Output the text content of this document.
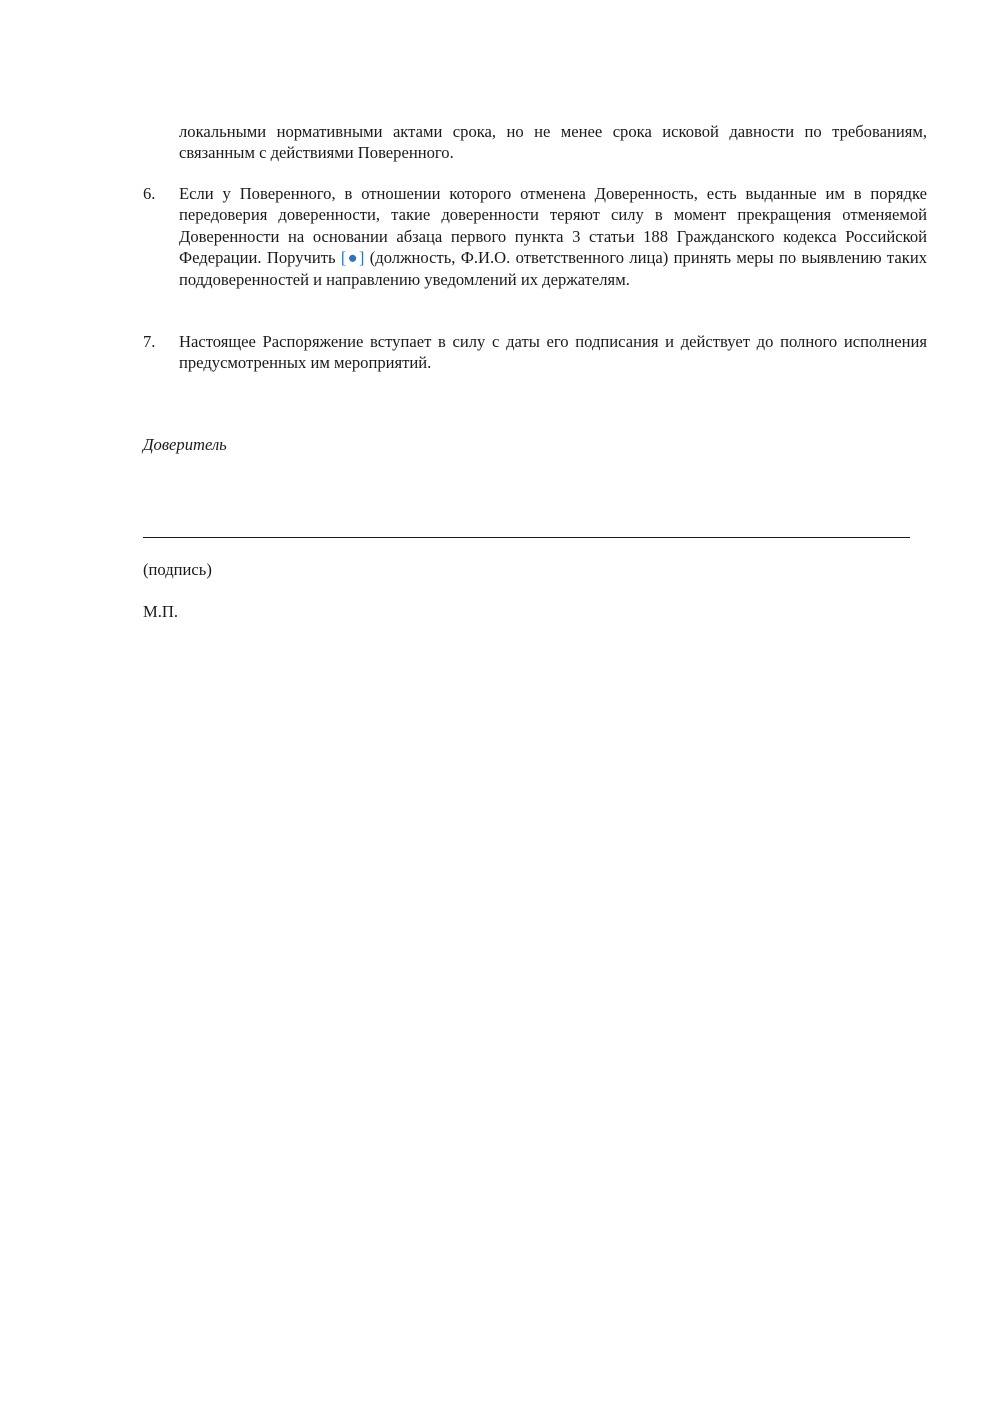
локальными нормативными актами срока, но не менее срока исковой давности по требованиям, связанным с действиями Поверенного.
6. Если у Поверенного, в отношении которого отменена Доверенность, есть выданные им в порядке передоверия доверенности, такие доверенности теряют силу в момент прекращения отменяемой Доверенности на основании абзаца первого пункта 3 статьи 188 Гражданского кодекса Российской Федерации. Поручить [●] (должность, Ф.И.О. ответственного лица) принять меры по выявлению таких поддоверенностей и направлению уведомлений их держателям.
7. Настоящее Распоряжение вступает в силу с даты его подписания и действует до полного исполнения предусмотренных им мероприятий.
Доверитель
(подпись)
М.П.
